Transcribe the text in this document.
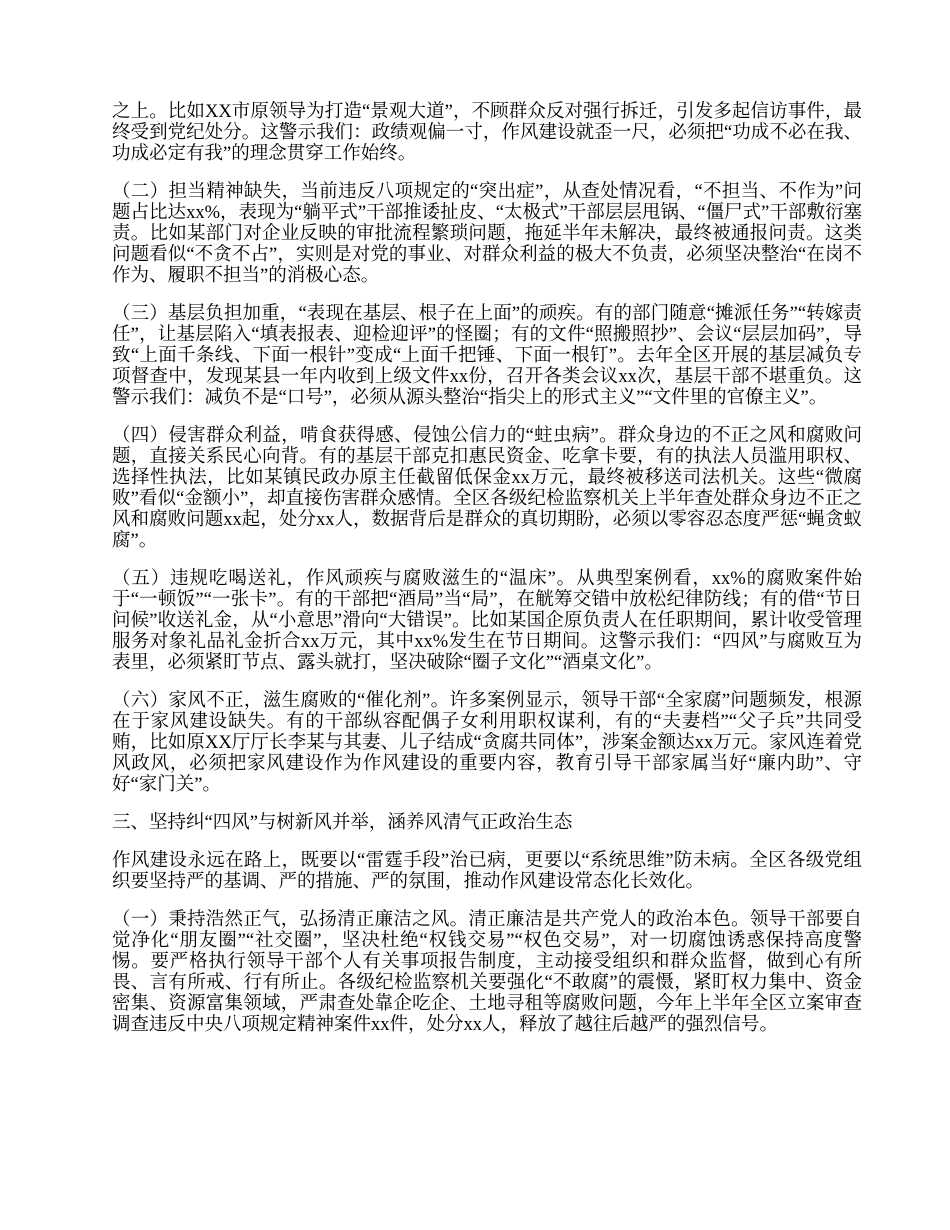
之上。比如XX市原领导为打造“景观大道”，不顾群众反对强行拆迁，引发多起信访事件，最终受到党纪处分。这警示我们：政绩观偏一寸，作风建设就歪一尺，必须把“功成不必在我、功成必定有我”的理念贯穿工作始终。

（二）担当精神缺失，当前违反八项规定的“突出症”，从查处情况看，“不担当、不作为”问题占比达xx%，表现为“躺平式”干部推诿扯皮、“太极式”干部层层甩锅、“僵尸式”干部敷衍塞责。比如某部门对企业反映的审批流程繁琐问题，拖延半年未解决，最终被通报问责。这类问题看似“不贪不占”，实则是对党的事业、对群众利益的极大不负责，必须坚决整治“在岗不作为、履职不担当”的消极心态。

（三）基层负担加重，“表现在基层、根子在上面”的顽疾。有的部门随意“摊派任务”“转嫁责任”，让基层陷入“填表报表、迎检迎评”的怪圈；有的文件“照搬照抄”、会议“层层加码”，导致“上面千条线、下面一根针”变成“上面千把锤、下面一根钉”。去年全区开展的基层减负专项督查中，发现某县一年内收到上级文件xx份，召开各类会议xx次，基层干部不堪重负。这警示我们：减负不是“口号”，必须从源头整治“指尖上的形式主义”“文件里的官僚主义”。

（四）侵害群众利益，啃食获得感、侵蚀公信力的“蛀虫病”。群众身边的不正之风和腐败问题，直接关系民心向背。有的基层干部克扣惠民资金、吃拿卡要，有的执法人员滥用职权、选择性执法，比如某镇民政办原主任截留低保金xx万元，最终被移送司法机关。这些“微腐败”看似“金额小”，却直接伤害群众感情。全区各级纪检监察机关上半年查处群众身边不正之风和腐败问题xx起，处分xx人，数据背后是群众的真切期盼，必须以零容忍态度严惩“蝇贪蚁腐”。

（五）违规吃喝送礼，作风顽疾与腐败滋生的“温床”。从典型案例看，xx%的腐败案件始于“一顿饭”“一张卡”。有的干部把“酒局”当“局”，在觥筹交错中放松纪律防线；有的借“节日问候”收送礼金，从“小意思”滑向“大错误”。比如某国企原负责人在任职期间，累计收受管理服务对象礼品礼金折合xx万元，其中xx%发生在节日期间。这警示我们：“四风”与腐败互为表里，必须紧盯节点、露头就打，坚决破除“圈子文化”“酒桌文化”。

（六）家风不正，滋生腐败的“催化剂”。许多案例显示，领导干部“全家腐”问题频发，根源在于家风建设缺失。有的干部纵容配偶子女利用职权谋利，有的“夫妻档”“父子兵”共同受贿，比如原XX厅厅长李某与其妻、儿子结成“贪腐共同体”，涉案金额达xx万元。家风连着党风政风，必须把家风建设作为作风建设的重要内容，教育引导干部家属当好“廉内助”、守好“家门关”。

三、坚持纠“四风”与树新风并举，涵养风清气正政治生态

作风建设永远在路上，既要以“雷霆手段”治已病，更要以“系统思维”防未病。全区各级党组织要坚持严的基调、严的措施、严的氛围，推动作风建设常态化长效化。

（一）秉持浩然正气，弘扬清正廉洁之风。清正廉洁是共产党人的政治本色。领导干部要自觉净化“朋友圈”“社交圈”，坚决杜绝“权钱交易”“权色交易”，对一切腐蚀诱惑保持高度警惕。要严格执行领导干部个人有关事项报告制度，主动接受组织和群众监督，做到心有所畏、言有所戒、行有所止。各级纪检监察机关要强化“不敢腐”的震慑，紧盯权力集中、资金密集、资源富集领域，严肃查处靠企吃企、土地寻租等腐败问题，今年上半年全区立案审查调查违反中央八项规定精神案件xx件，处分xx人，释放了越往后越严的强烈信号。
